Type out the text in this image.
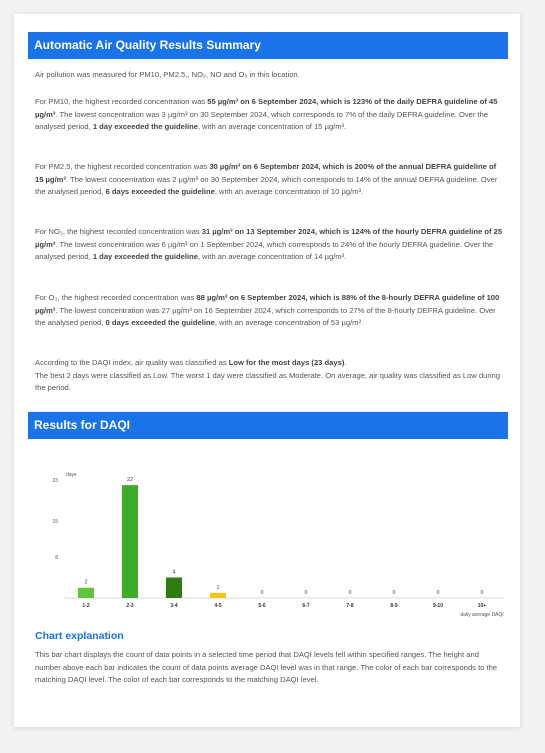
Automatic Air Quality Results Summary

Air pollution was measured for PM10, PM2.5,, NO₂, NO and O₃ in this location.

For PM10, the highest recorded concentration was 55 µg/m³ on 6 September 2024, which is 123% of the daily DEFRA guideline of 45 µg/m³. The lowest concentration was 3 µg/m³ on 30 September 2024, which corresponds to 7% of the daily DEFRA guideline. Over the analysed period, 1 day exceeded the guideline, with an average concentration of 15 µg/m³.

For PM2.5, the highest recorded concentration was 30 µg/m³ on 6 September 2024, which is 200% of the annual DEFRA guideline of 15 µg/m³. The lowest concentration was 2 µg/m³ on 30 September 2024, which corresponds to 14% of the annual DEFRA guideline. Over the analysed period, 6 days exceeded the guideline, with an average concentration of 10 µg/m³.

For NO₂, the highest recorded concentration was 31 µg/m³ on 13 September 2024, which is 124% of the hourly DEFRA guideline of 25 µg/m³. The lowest concentration was 6 µg/m³ on 1 September 2024, which corresponds to 24% of the hourly DEFRA guideline. Over the analysed period, 1 day exceeded the guideline, with an average concentration of 14 µg/m³.

For O₃, the highest recorded concentration was 88 µg/m³ on 6 September 2024, which is 88% of the 8-hourly DEFRA guideline of 100 µg/m³. The lowest concentration was 27 µg/m³ on 16 September 2024, which corresponds to 27% of the 8-hourly DEFRA guideline. Over the analysed period, 0 days exceeded the guideline, with an average concentration of 53 µg/m³.

According to the DAQI index, air quality was classified as Low for the most days (23 days).
The best 2 days were classified as Low. The worst 1 day were classified as Moderate. On average, air quality was classified as Low during the period.

Results for DAQI
days
8
15
23
2
1-2
22
2-3
4
3-4
1
4-5
0
5-6
0
6-7
0
7-8
0
8-9
0
9-10
0
10+
daily average DAQI
Chart explanation

This bar chart displays the count of data points in a selected time period that DAQI levels fell within specified ranges. The height and number above each bar indicates the count of data points average DAQI level was in that range. The color of each bar corresponds to the matching DAQI level. The color of each bar corresponds to the matching DAQI level.
